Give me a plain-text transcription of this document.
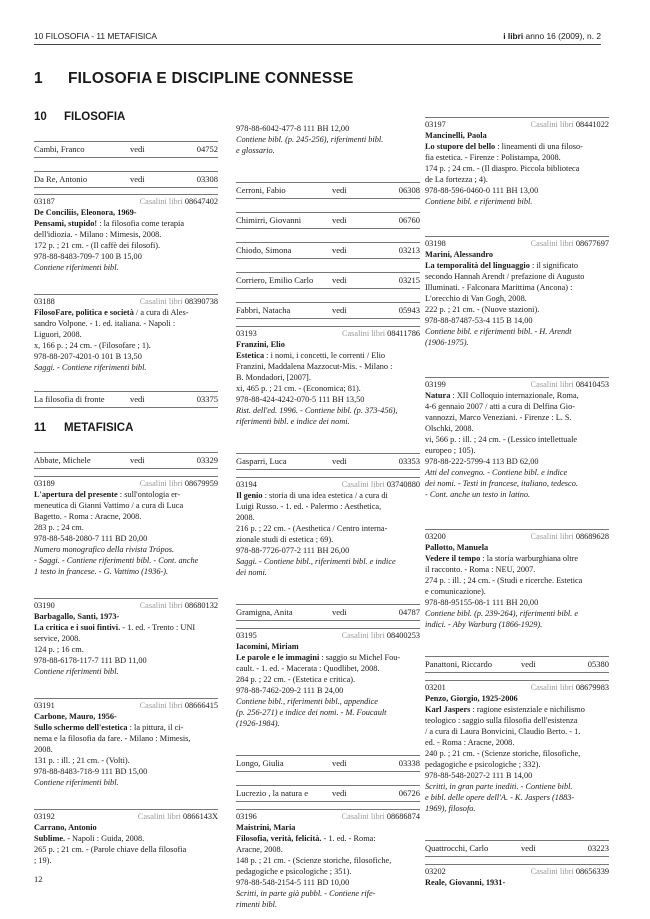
10 FILOSOFIA - 11 METAFISICA	i libri anno 16 (2009), n. 2
1 FILOSOFIA E DISCIPLINE CONNESSE
10 FILOSOFIA
Cambi, Franco	vedi	04752
Da Re, Antonio	vedi	03308
03187	Casalini libri 08647402

De Conciliis, Eleonora, 1969-

Pensami, stupido! : la filosofia come terapia

dell'idiozia. - Milano : Mimesis, 2008.

172 p. ; 21 cm. - (Il caffè dei filosofi).

978-88-8483-709-7 100 B 15,00

Contiene riferimenti bibl.

03188	Casalini libri 08390738

FilosoFare, politica e società / a cura di Ales-

sandro Volpone. - 1. ed. italiana. - Napoli :

Liguori, 2008.

x, 166 p. ; 24 cm. - (Filosofare ; 1).

978-88-207-4201-0 101 B 13,50

Saggi. - Contiene riferimenti bibl.

La filosofia di fronte	vedi	03375
11 METAFISICA
Abbate, Michele	vedi	03329
03189	Casalini libri 08679959

L'apertura del presente : sull'ontologia er-

meneutica di Gianni Vattimo / a cura di Luca

Bagetto. - Roma : Aracne, 2008.

283 p. ; 24 cm.

978-88-548-2080-7 111 BD 20,00

Numero monografico della rivista Trópos.

- Saggi. - Contiene riferimenti bibl. - Cont. anche

1 testo in francese. - G. Vattimo (1936-).

03190	Casalini libri 08680132

Barbagallo, Santi, 1973-

La critica e i suoi fintivi. - 1. ed. - Trento : UNI

service, 2008.

124 p. ; 16 cm.

978-88-6178-117-7 111 BD 11,00

Contiene riferimenti bibl.

03191	Casalini libri 08666415

Carbone, Mauro, 1956-

Sullo schermo dell'estetica : la pittura, il ci-

nema e la filosofia da fare. - Milano : Mimesis,

2008.

131 p. : ill. ; 21 cm. - (Volti).

978-88-8483-718-9 111 BD 15,00

Contiene riferimenti bibl.

03192	Casalini libri 0866143X

Carrano, Antonio

Sublime. - Napoli : Guida, 2008.

265 p. ; 21 cm. - (Parole chiave della filosofia

; 19).

978-88-6042-477-8 111 BH 12,00

Contiene bibl. (p. 245-256), riferimenti bibl.

e glossario.

Cerroni, Fabio	vedi	06308
Chimirri, Giovanni	vedi	06760
Chiodo, Simona	vedi	03213
Corriero, Emilio Carlo	vedi	03215
Fabbri, Natacha	vedi	05943
03193	Casalini libri 08411786

Franzini, Elio

Estetica : i nomi, i concetti, le correnti / Elio

Franzini, Maddalena Mazzocut-Mis. - Milano :

B. Mondadori, [2007].

xi, 465 p. ; 21 cm. - (Economica; 81).

978-88-424-4242-070-5 111 BH 13,50

Rist. dell'ed. 1996. - Contiene bibl. (p. 373-456),

riferimenti bibl. e indice dei nomi.

Gasparri, Luca	vedi	03353
03194	Casalini libri 03740880

Il genio : storia di una idea estetica / a cura di

Luigi Russo. - 1. ed. - Palermo : Aesthetica,

2008.

216 p. ; 22 cm. - (Aesthetica / Centro interna-

zionale studi di estetica ; 69).

978-88-7726-077-2 111 BH 26,00

Saggi. - Contiene bibl., riferimenti bibl. e indice

dei nomi.

Gramigna, Anita	vedi	04787
03195	Casalini libri 08400253

Iacomini, Miriam

Le parole e le immagini : saggio su Michel Fou-

cault. - 1. ed. - Macerata : Quodlibet, 2008.

284 p. ; 22 cm. - (Estetica e critica).

978-88-7462-209-2 111 B 24,00

Contiene bibl., riferimenti bibl., appendice

(p. 256-271) e indice dei nomi. - M. Foucault

(1926-1984).

Longo, Giulia	vedi	03338
Lucrezio , la natura e	vedi	06726
03196	Casalini libri 08686874

Maistrini, Maria

Filosofia, verità, felicità. - 1. ed. - Roma:

Aracne, 2008.

148 p. ; 21 cm. - (Scienze storiche, filosofiche,

pedagogiche e psicologiche ; 351).

978-88-548-2154-5 111 BD 10,00

Scritti, in parte già pubbl. - Contiene rife-

rimenti bibl.

03197	Casalini libri 08441022

Mancinelli, Paola

Lo stupore del bello : lineamenti di una filoso-

fia estetica. - Firenze : Polistampa, 2008.

174 p. ; 24 cm. - (Il diaspro. Piccola biblioteca

de La fortezza ; 4).

978-88-596-0460-0 111 BH 13,00

Contiene bibl. e riferimenti bibl.

03198	Casalini libri 08677697

Marini, Alessandro

La temporalità del linguaggio : il significato

secondo Hannah Arendt / prefazione di Augusto

Illuminati. - Falconara Marittima (Ancona) :

L'orecchio di Van Gogh, 2008.

222 p. ; 21 cm. - (Nuove stazioni).

978-88-87487-53-4 115 B 14,00

Contiene bibl. e riferimenti bibl. - H. Arendt

(1906-1975).

03199	Casalini libri 08410453

Natura : XII Colloquio internazionale, Roma,

4-6 gennaio 2007 / atti a cura di Delfina Gio-

vannozzi, Marco Veneziani. - Firenze : L. S.

Olschki, 2008.

vi, 566 p. : ill. ; 24 cm. - (Lessico intellettuale

europeo ; 105).

978-88-222-5799-4 113 BD 62,00

Atti del convegno. - Contiene bibl. e indice

dei nomi. - Testi in francese, italiano, tedesco.

- Cont. anche un testo in latino.

03200	Casalini libri 08689628

Pallotto, Manuela

Vedere il tempo : la storia warburghiana oltre

il racconto. - Roma : NEU, 2007.

274 p. : ill. ; 24 cm. - (Studi e ricerche. Estetica

e comunicazione).

978-88-95155-08-1 111 BH 20,00

Contiene bibl. (p. 239-264), riferimenti bibl. e

indici. - Aby Warburg (1866-1929).

Panattoni, Riccardo	vedi	05380
03201	Casalini libri 08679983

Penzo, Giorgio, 1925-2006

Karl Jaspers : ragione esistenziale e nichilismo

teologico : saggio sulla filosofia dell'esistenza

/ a cura di Laura Bonvicini, Claudio Berto. - 1.

ed. - Roma : Aracne, 2008.

240 p. ; 21 cm. - (Scienze storiche, filosofiche,

pedagogiche e psicologiche ; 332).

978-88-548-2027-2 111 B 14,00

Scritti, in gran parte inediti. - Contiene bibl.

e bibl. delle opere dell'A. - K. Jaspers (1883-

1969), filosofo.

Quattrocchi, Carlo	vedi	03223
03202	Casalini libri 08656339

Reale, Giovanni, 1931-

12
